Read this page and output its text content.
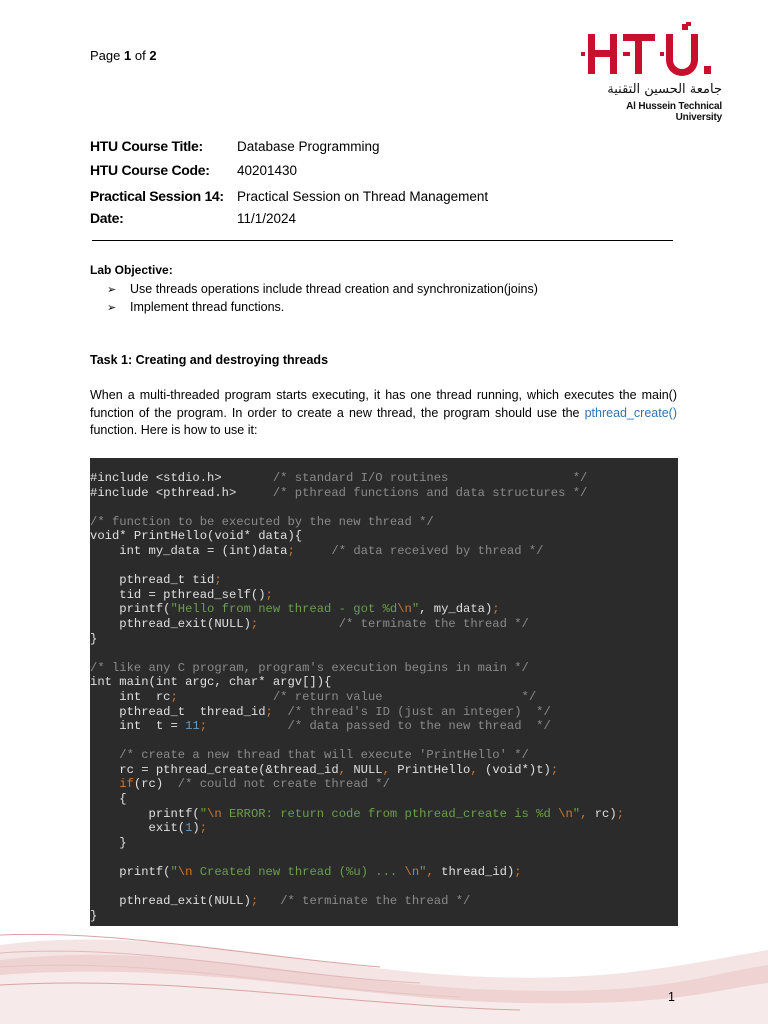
Page 1 of 2
جامعة الحسين التقنية
Al Hussein Technical University
HTU Course Title:	Database Programming
HTU Course Code: 40201430
Practical Session 14: Practical Session on Thread Management
Date:	11/1/2024
Lab Objective:
➢ Use threads operations include thread creation and synchronization(joins)
➢ Implement thread functions.
Task 1: Creating and destroying threads
When a multi-threaded program starts executing, it has one thread running, which executes the main() function of the program. In order to create a new thread, the program should use the pthread_create() function. Here is how to use it:
#include <stdio.h>       /* standard I/O routines                 */
#include <pthread.h>     /* pthread functions and data structures */
/* function to be executed by the new thread */
void* PrintHello(void* data){
int my_data = (int)data;	/* data received by thread */
pthread_t tid;
tid = pthread_self();
printf("Hello from new thread - got %d\n", my_data);
pthread_exit(NULL);	/* terminate the thread */
}
/* like any C program, program's execution begins in main */
int main(int argc, char* argv[]){
int  rc;	/* return value                   */
pthread_t  thread_id; /* thread's ID (just an integer)  */
int  t = 11;	/* data passed to the new thread  */
/* create a new thread that will execute 'PrintHello' */
rc = pthread_create(&thread_id, NULL, PrintHello, (void*)t);
if(rc)  /* could not create thread */
{
printf("\n ERROR: return code from pthread_create is %d \n", rc);
exit(1);
}
printf("\n Created new thread (%u) ... \n", thread_id);
pthread_exit(NULL); /* terminate the thread */
}
1
